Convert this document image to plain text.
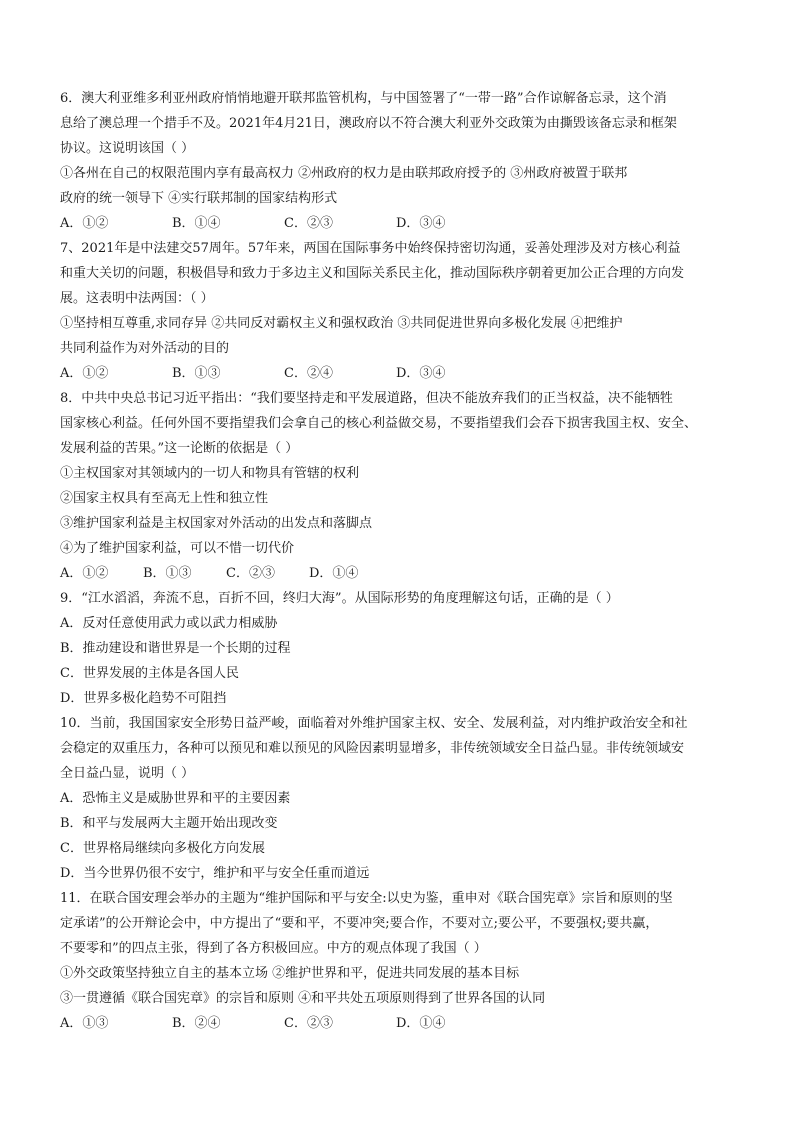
6．澳大利亚维多利亚州政府悄悄地避开联邦监管机构，与中国签署了“一带一路”合作谅解备忘录，这个消
息给了澳总理一个措手不及。2021年4月21日，澳政府以不符合澳大利亚外交政策为由撕毁该备忘录和框架
协议。这说明该国（ ）
①各州在自己的权限范围内享有最高权力 ②州政府的权力是由联邦政府授予的 ③州政府被置于联邦
政府的统一领导下 ④实行联邦制的国家结构形式
A．①②	B．①④	C．②③	D．③④
7、2021年是中法建交57周年。57年来，两国在国际事务中始终保持密切沟通，妥善处理涉及对方核心利益
和重大关切的问题，积极倡导和致力于多边主义和国际关系民主化，推动国际秩序朝着更加公正合理的方向发
展。这表明中法两国：（ ）
①坚持相互尊重,求同存异 ②共同反对霸权主义和强权政治 ③共同促进世界向多极化发展 ④把维护
共同利益作为对外活动的目的
A．①②	B．①③	C．②④	D．③④
8．中共中央总书记习近平指出：“我们要坚持走和平发展道路，但决不能放弃我们的正当权益，决不能牺牲
国家核心利益。任何外国不要指望我们会拿自己的核心利益做交易，不要指望我们会吞下损害我国主权、安全、
发展利益的苦果。”这一论断的依据是（ ）
①主权国家对其领域内的一切人和物具有管辖的权利
②国家主权具有至高无上性和独立性
③维护国家利益是主权国家对外活动的出发点和落脚点
④为了维护国家利益，可以不惜一切代价
A．①②	B．①③	C．②③	D．①④
9．“江水滔滔，奔流不息，百折不回，终归大海”。从国际形势的角度理解这句话，正确的是（ ）
A．反对任意使用武力或以武力相威胁
B．推动建设和谐世界是一个长期的过程
C．世界发展的主体是各国人民
D．世界多极化趋势不可阻挡
10．当前，我国国家安全形势日益严峻，面临着对外维护国家主权、安全、发展利益，对内维护政治安全和社
会稳定的双重压力，各种可以预见和难以预见的风险因素明显增多，非传统领域安全日益凸显。非传统领域安
全日益凸显，说明（ ）
A．恐怖主义是威胁世界和平的主要因素
B．和平与发展两大主题开始出现改变
C．世界格局继续向多极化方向发展
D．当今世界仍很不安宁，维护和平与安全任重而道远
11．在联合国安理会举办的主题为“维护国际和平与安全:以史为鉴，重申对《联合国宪章》宗旨和原则的坚
定承诺”的公开辩论会中，中方提出了“要和平，不要冲突;要合作，不要对立;要公平，不要强权;要共赢，
不要零和”的四点主张，得到了各方积极回应。中方的观点体现了我国（ ）
①外交政策坚持独立自主的基本立场 ②维护世界和平，促进共同发展的基本目标
③一贯遵循《联合国宪章》的宗旨和原则 ④和平共处五项原则得到了世界各国的认同
A．①③	B．②④	C．②③	D．①④
